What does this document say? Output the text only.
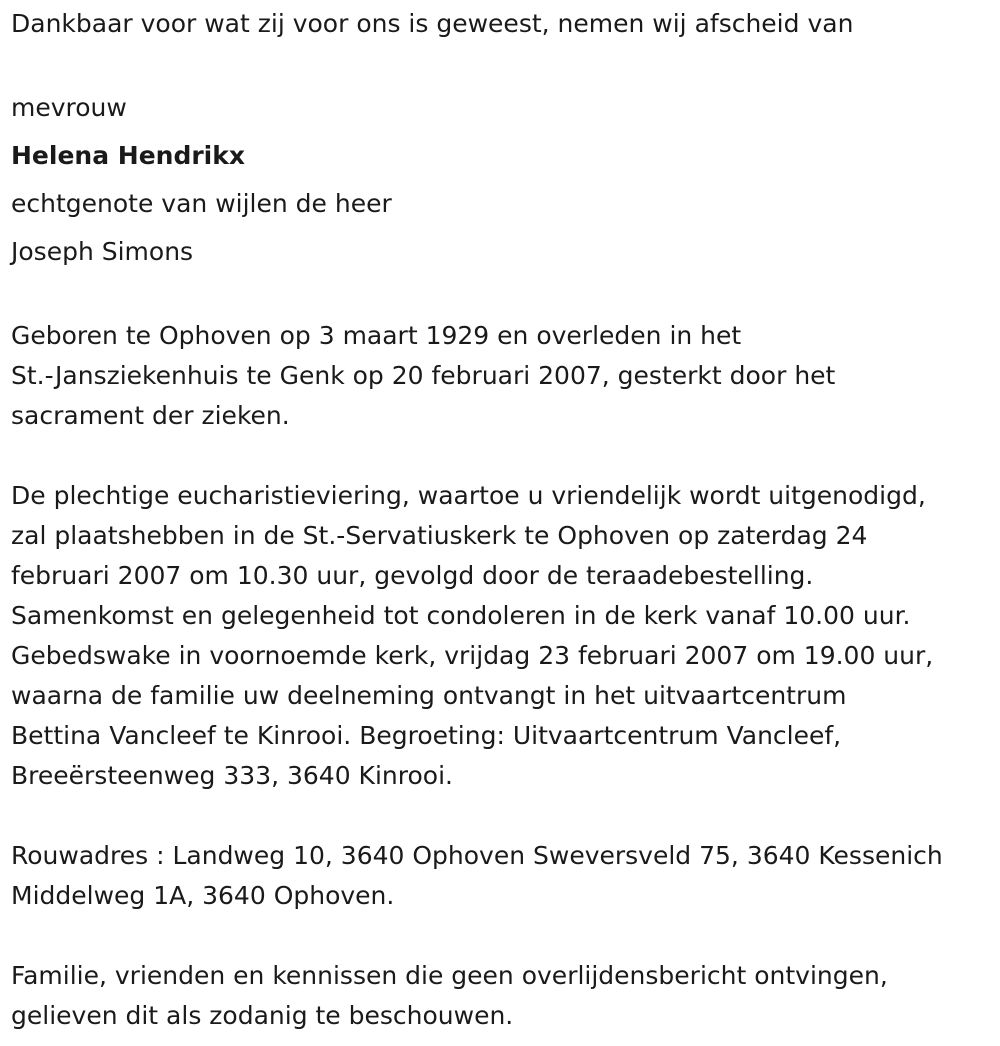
Dankbaar voor wat zij voor ons is geweest, nemen wij afscheid van

mevrouw

Helena Hendrikx

echtgenote van wijlen de heer

Joseph Simons

Geboren te Ophoven op 3 maart 1929 en overleden in het

St.-Jansziekenhuis te Genk op 20 februari 2007, gesterkt door het

sacrament der zieken.

De plechtige eucharistieviering, waartoe u vriendelijk wordt uitgenodigd,

zal plaatshebben in de St.-Servatiuskerk te Ophoven op zaterdag 24

februari 2007 om 10.30 uur, gevolgd door de teraadebestelling.

Samenkomst en gelegenheid tot condoleren in de kerk vanaf 10.00 uur.

Gebedswake in voornoemde kerk, vrijdag 23 februari 2007 om 19.00 uur,

waarna de familie uw deelneming ontvangt in het uitvaartcentrum

Bettina Vancleef te Kinrooi. Begroeting: Uitvaartcentrum Vancleef,

Breeërsteenweg 333, 3640 Kinrooi.

Rouwadres : Landweg 10, 3640 Ophoven Sweversveld 75, 3640 Kessenich

Middelweg 1A, 3640 Ophoven.

Familie, vrienden en kennissen die geen overlijdensbericht ontvingen,

gelieven dit als zodanig te beschouwen.
